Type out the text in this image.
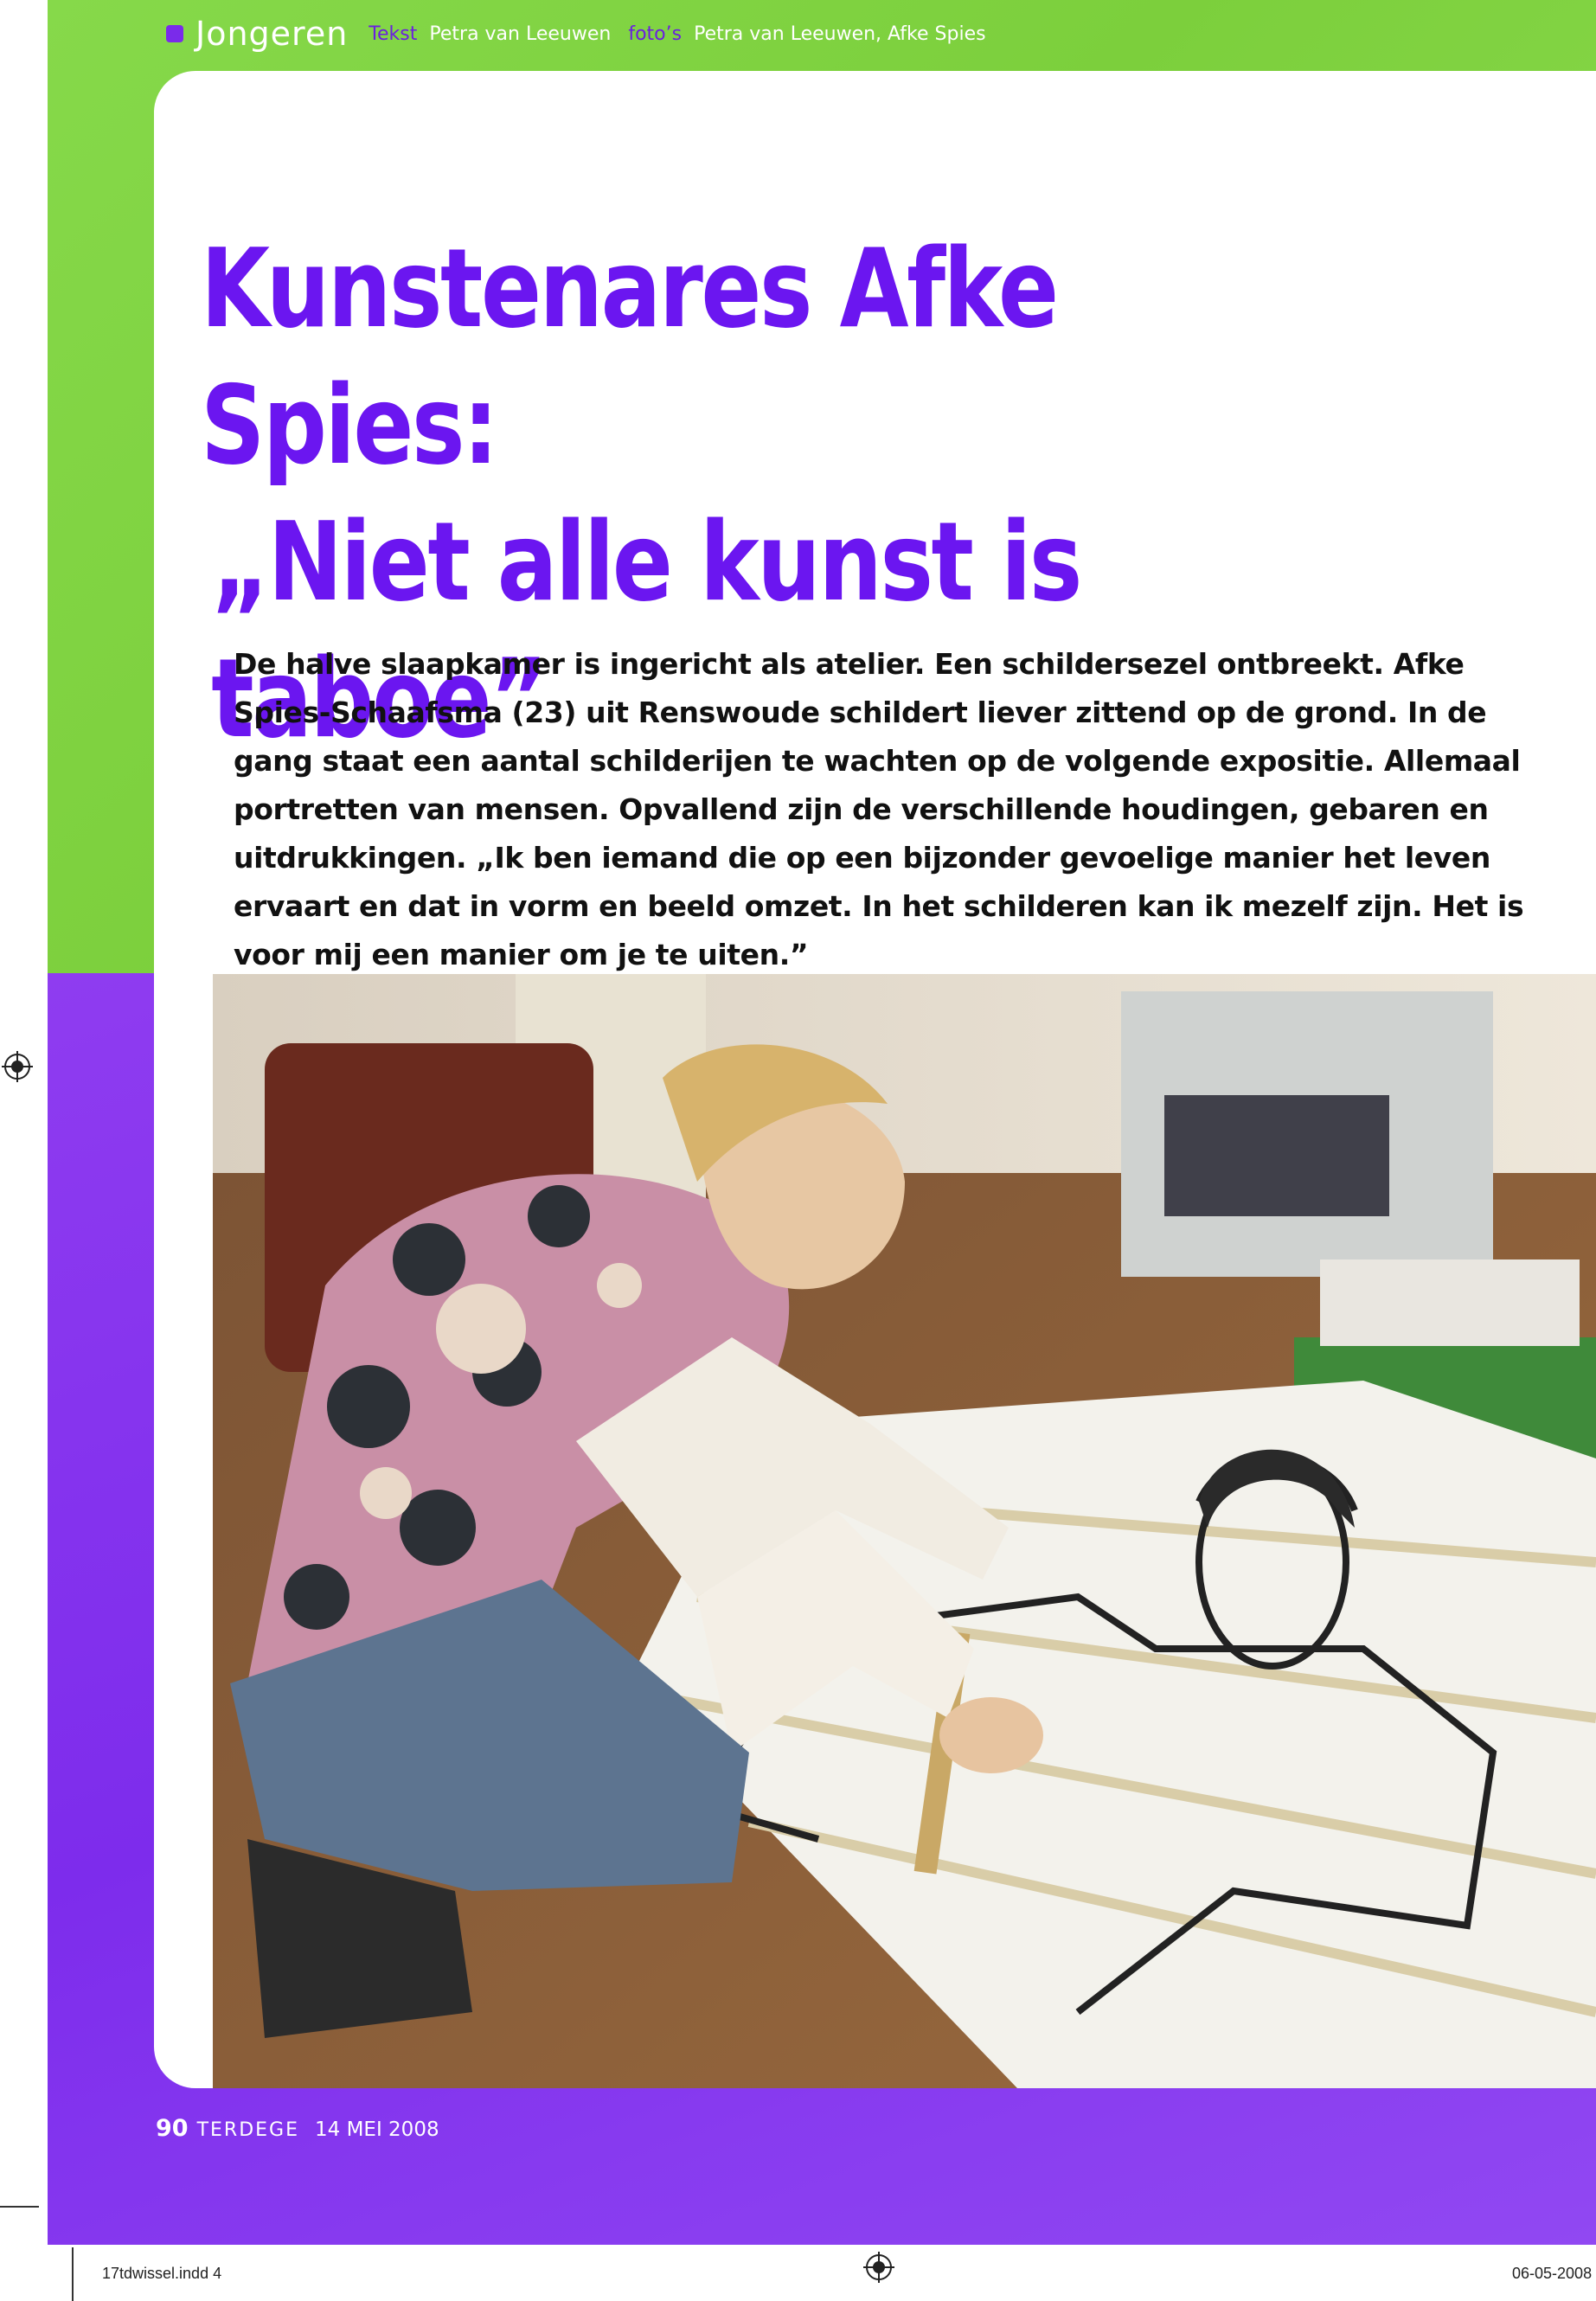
Jongeren Tekst Petra van Leeuwen foto’s Petra van Leeuwen, Afke Spies
Kunstenares Afke Spies:
„Niet alle kunst is taboe”
De halve slaapkamer is ingericht als atelier. Een schildersezel ontbreekt. Afke Spies-Schaafsma (23) uit Renswoude schildert liever zittend op de grond. In de gang staat een aantal schilderijen te wachten op de volgende expositie. Allemaal portretten van mensen. Opvallend zijn de verschillende houdingen, gebaren en uitdrukkingen. „Ik ben iemand die op een bijzonder gevoelige manier het leven ervaart en dat in vorm en beeld omzet. In het schilderen kan ik mezelf zijn. Het is voor mij een manier om je te uiten.”
90 TERDEGE 14 MEI 2008
17tdwissel.indd 4	06-05-2008
